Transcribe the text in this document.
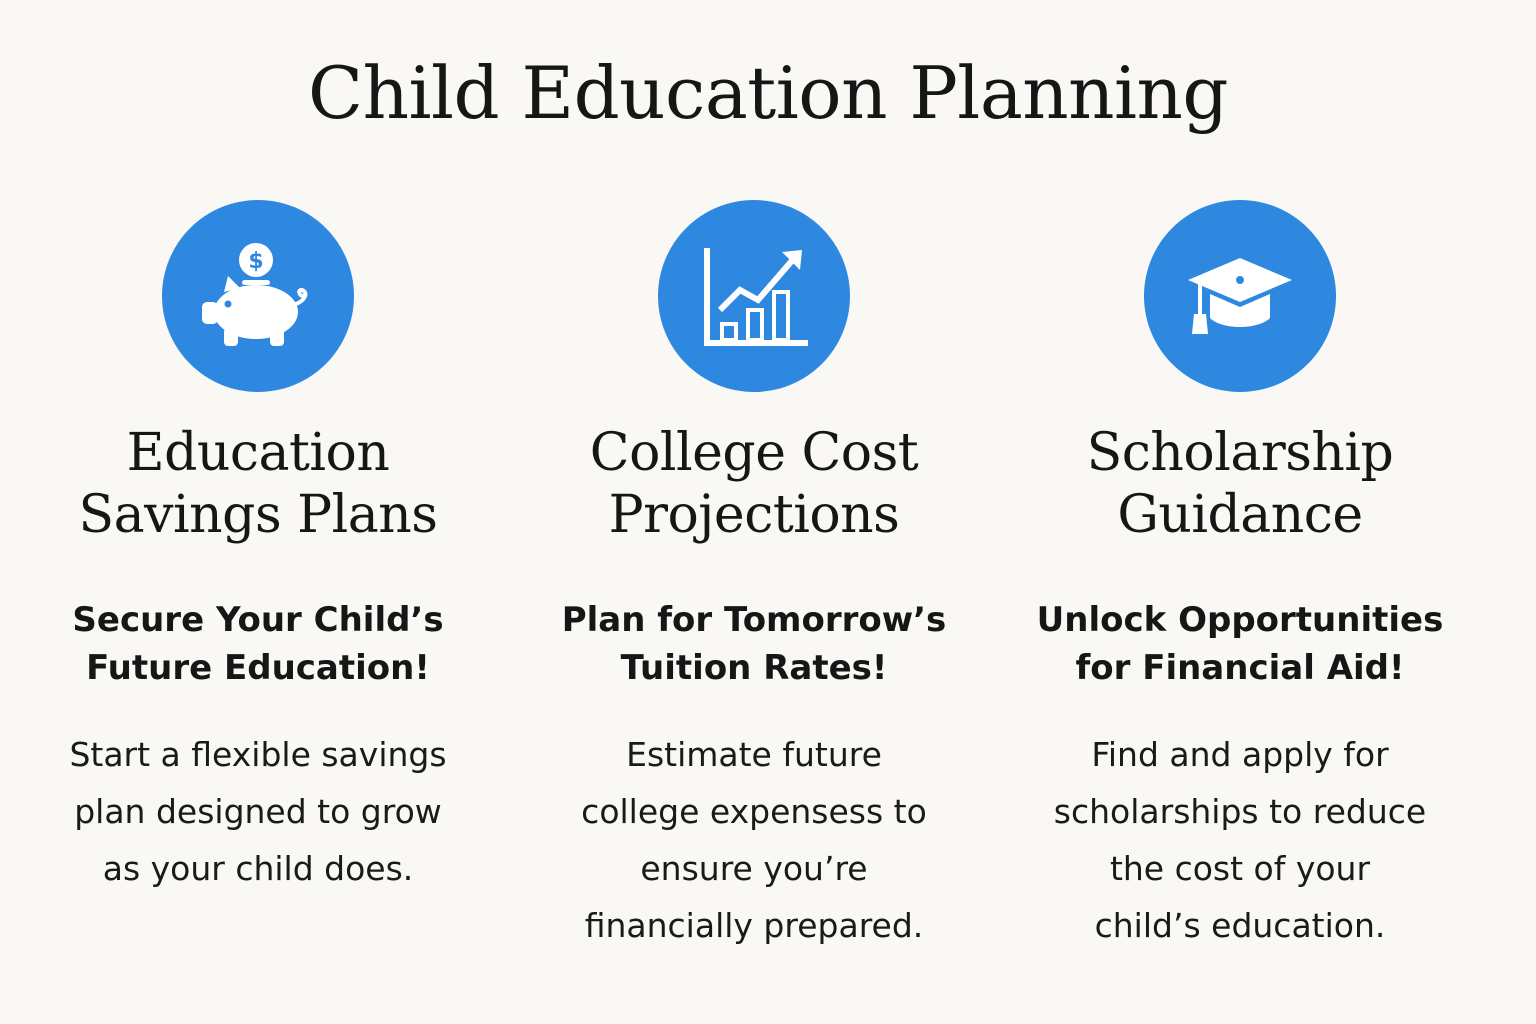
Child Education Planning
$
Education
Savings Plans

Secure Your Child’s
Future Education!

Start a flexible savings
plan designed to grow
as your child does.

College Cost
Projections

Plan for Tomorrow’s
Tuition Rates!

Estimate future
college expensess to
ensure you’re
financially prepared.

Scholarship
Guidance

Unlock Opportunities
for Financial Aid!

Find and apply for
scholarships to reduce
the cost of your
child’s education.
